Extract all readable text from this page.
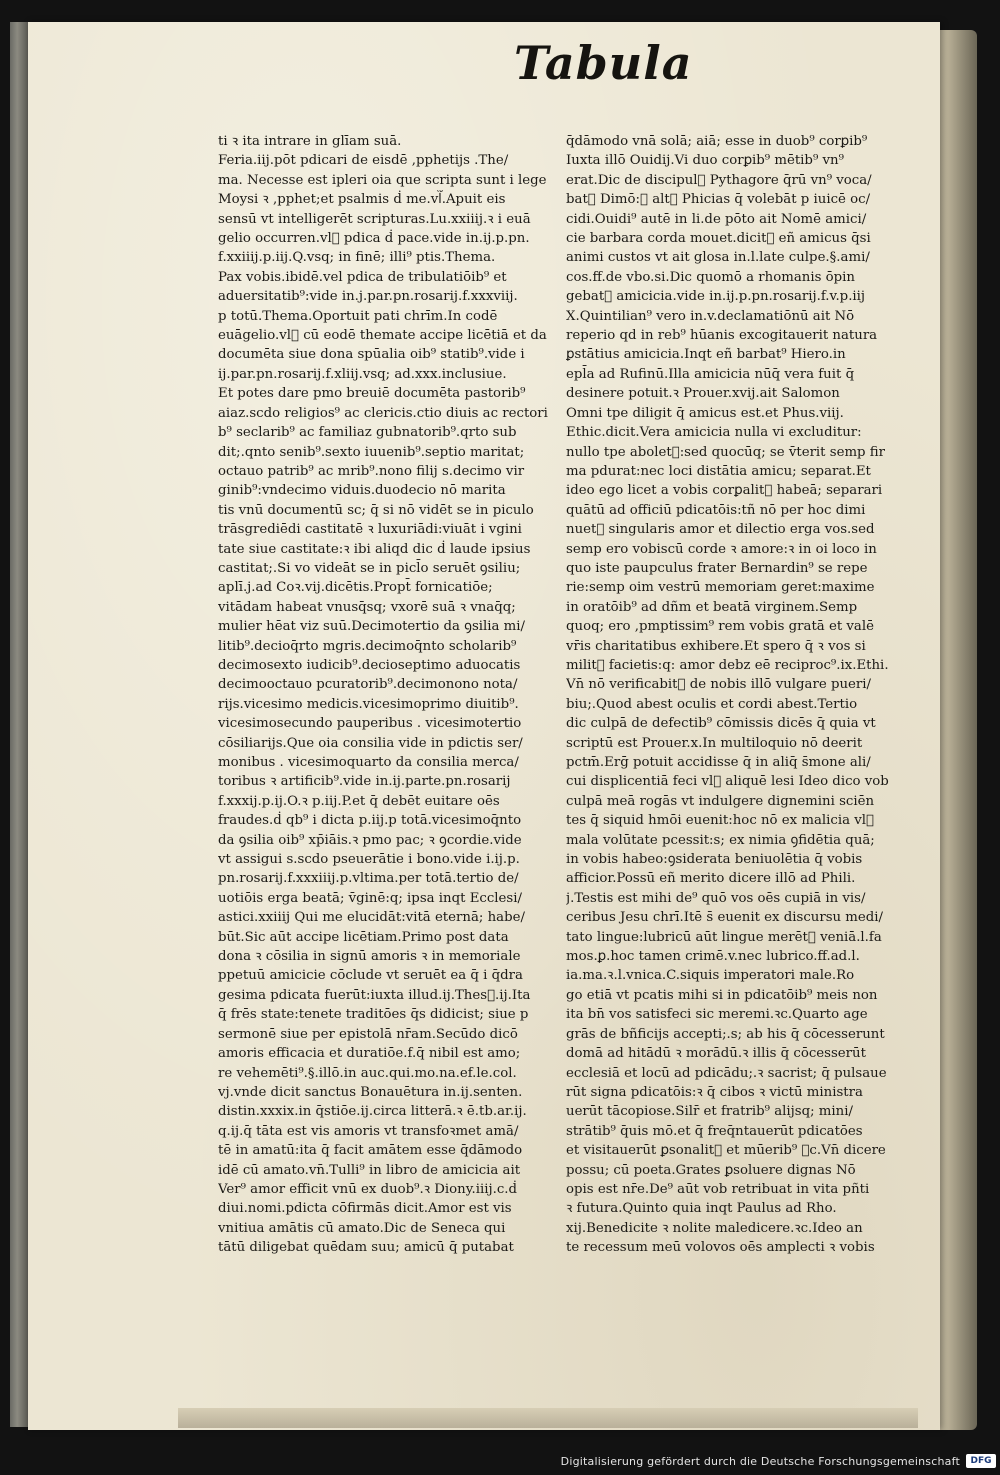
Tabula
ti ꝛ ita intrare in glīam suā.
Feria.iij.pōt pdicari de eisdē ,pphetijs .The/
ma. Necesse est ipleri oia que scripta sunt i lege
Moysi ꝛ ,pphet;et psalmis ḋ me.vl᷑.Apuit eis
sensū vt intelligerēt scripturas.Lu.xxiiij.ꝛ i euā
gelio occurren.vl᷑ pdica ḋ pace.vide in.ij.p.pn.
f.xxiiij.p.iij.Q.vsq; in finē; illi⁹ ptis.Thema.
Pax vobis.ibidē.vel pdica de tribulatiōib⁹ et
aduersitatib⁹:vide in.j.par.pn.rosarij.f.xxxviij.
p totū.Thema.Oportuit pati chrīm.In codē
euāgelio.vl᷑ cū eodē themate accipe licētiā et da
documēta siue dona spūalia oib⁹ statib⁹.vide i
ij.par.pn.rosarij.f.xliij.vsq; ad.xxx.inclusiue.
Et potes dare pmo breuiē documēta pastorib⁹
aiaz.scdo religios⁹ ac clericis.ctio diuis ac rectori
b⁹ seclarib⁹ ac familiaz gubnatorib⁹.qrto sub
dit;.qnto senib⁹.sexto iuuenib⁹.septio maritat;
octauo patrib⁹ ac mrib⁹.nono filij s.decimo vir
ginib⁹:vndecimo viduis.duodecio nō marita
tis vnū documentū sc; q̄ si nō vidēt se in piculo
trāsgrediēdi castitatē ꝛ luxuriādi:viuāt i vgini
tate siue castitate:ꝛ ibi aliqd dic ḋ laude ipsius
castitat;.Si vo videāt se in picl̄o seruēt ꝯsiliu;
aplī.j.ad Coꝛ.vij.dicētis.Propt̄ fornicatiōe;
vitādam habeat vnusq̄sq; vxorē suā ꝛ vnaq̄q;
mulier hēat viz suū.Decimotertio da ꝯsilia mi/
litib⁹.decioq̄rto mgris.decimoq̄nto scholarib⁹
decimosexto iudicib⁹.decioseptimo aduocatis
decimooctauo pcuratorib⁹.decimonono nota/
rijs.vicesimo medicis.vicesimoprimo diuitib⁹.
vicesimosecundo pauperibus . vicesimotertio
cōsiliarijs.Que oia consilia vide in pdictis ser/
monibus . vicesimoquarto da consilia merca/
toribus ꝛ artificib⁹.vide in.ij.parte.pn.rosarij
f.xxxij.p.ij.O.ꝛ p.iij.P.et q̄ debēt euitare oēs
fraudes.ḋ qb⁹ i dicta p.iij.p totā.vicesimoq̄nto
da ꝯsilia oib⁹ xp̄iāis.ꝛ pmo pac; ꝛ ꝯcordie.vide
vt assigui s.scdo pseuerātie i bono.vide i.ij.p.
pn.rosarij.f.xxxiiij.p.vltima.per totā.tertio de/
uotiōis erga beatā; v̄ginē:q; ipsa inqt Ecclesi/
astici.xxiiij Qui me elucidāt:vitā eternā; habe/
būt.Sic aūt accipe licētiam.Primo post data
dona ꝛ cōsilia in signū amoris ꝛ in memoriale
ppetuū amicicie cōclude vt seruēt ea q̄ i q̄dra
gesima pdicata fuerūt:iuxta illud.ij.Thes᷑.ij.Ita
q̄ frēs state:tenete traditōes q̄s didicist; siue p
sermonē siue per epistolā nr̄am.Secūdo dicō
amoris efficacia et duratiōe.f.q̄ nibil est amo;
re vehemēti⁹.§.illō.in auc.qui.mo.na.ef.le.col.
vj.vnde dicit sanctus Bonauētura in.ij.senten.
distin.xxxix.in q̄stiōe.ij.circa litterā.ꝛ ē.tb.ar.ij.
q.ij.q̄ tāta est vis amoris vt transfoꝛmet amā/
tē in amatū:ita q̄ facit amātem esse q̄dāmodo
idē cū amato.vn̄.Tulli⁹ in libro de amicicia ait
Ver⁹ amor efficit vnū ex duob⁹.ꝛ Diony.iiij.c.ḋ
diui.nomi.pdicta cōfirmās dicit.Amor est vis
vnitiua amātis cū amato.Dic de Seneca qui
tātū diligebat quēdam suu; amicū q̄ putabat
q̄dāmodo vnā solā; aiā; esse in duob⁹ corꝑib⁹
Iuxta illō Ouidij.Vi duo corꝑib⁹ mētib⁹ vn⁹
erat.Dic de discipul᷑ Pythagore q̄rū vn⁹ voca/
bat᷑ Dimō:ꝛ alt᷑ Phicias q̄ volebāt p iuicē oc/
cidi.Ouidi⁹ autē in li.de pōto ait Nomē amici/
cie barbara corda mouet.dicit᷑ eñ amicus q̄si
animi custos vt ait glosa in.l.late culpe.§.ami/
cos.ff.de vbo.si.Dic quomō a rhomanis ōpin
gebat᷑ amicicia.vide in.ij.p.pn.rosarij.f.v.p.iij
X.Quintilian⁹ vero in.v.declamatiōnū ait Nō
reperio qd in reb⁹ hūanis excogitauerit natura
ꝑstātius amicicia.Inqt eñ barbat⁹ Hiero.in
epl̄a ad Rufinū.Illa amicicia nūq̄ vera fuit q̄
desinere potuit.ꝛ Prouer.xvij.ait Salomon
Omni tpe diligit q̄ amicus est.et Phus.viij.
Ethic.dicit.Vera amicicia nulla vi excluditur:
nullo tpe abolet᷑:sed quocūq; se v̄terit semp fir
ma pdurat:nec loci distātia amicu; separat.Et
ideo ego licet a vobis corꝑalit᷑ habeā; separari
quātū ad officiū pdicatōis:tñ nō per hoc dimi
nuet᷑ singularis amor et dilectio erga vos.sed
semp ero vobiscū corde ꝛ amore:ꝛ in oi loco in
quo iste paupculus frater Bernardin⁹ se repe
rie:semp oim vestrū memoriam geret:maxime
in oratōib⁹ ad dñm et beatā virginem.Semp
quoq; ero ,pmptissim⁹ rem vobis gratā et valē
vr̄is charitatibus exhibere.Et spero q̄ ꝛ vos si
milit᷑ facietis:q: amor debz eē reciproc⁹.ix.Ethi.
Vn̄ nō verificabit᷑ de nobis illō vulgare pueri/
biu;.Quod abest oculis et cordi abest.Tertio
dic culpā de defectib⁹ cōmissis dicēs q̄ quia vt
scriptū est Prouer.x.In multiloquio nō deerit
pctm̄.Erḡ potuit accidisse q̄ in aliq̄ s̄mone ali/
cui displicentiā feci vl᷑ aliquē lesi Ideo dico vob
culpā meā rogās vt indulgere dignemini sciēn
tes q̄ siquid hmōi euenit:hoc nō ex malicia vl᷑
mala volūtate pcessit:s; ex nimia ꝯfidētia quā;
in vobis habeo:ꝯsiderata beniuolētia q̄ vobis
afficior.Possū eñ merito dicere illō ad Phili.
j.Testis est mihi de⁹ quō vos oēs cupiā in vis/
ceribus Jesu chrī.Itē s̄ euenit ex discursu medi/
tato lingue:lubricū aūt lingue merēt᷑ veniā.l.fa
mos.ꝑ.hoc tamen crimē.v.nec lubrico.ff.ad.l.
ia.ma.ꝛ.l.vnica.C.siquis imperatori male.Ro
go etiā vt pcatis mihi si in pdicatōib⁹ meis non
ita bn̄ vos satisfeci sic meremi.ꝛc.Quarto age
grās de bñficijs accepti;.s; ab his q̄ cōcesserunt
domā ad hitādū ꝛ morādū.ꝛ illis q̄ cōcesserūt
ecclesiā et locū ad pdicādu;.ꝛ sacrist; q̄ pulsaue
rūt signa pdicatōis:ꝛ q̄ cibos ꝛ victū ministra
uerūt tācopiose.Silr̄ et fratrib⁹ alijsq; mini/
strātib⁹ q̄uis mō.et q̄ freq̄ntauerūt pdicatōes
et visitauerūt ꝑsonalit᷑ et mūerib⁹ ꝛc.Vn̄ dicere
possu; cū poeta.Grates ꝑsoluere dignas Nō
opis est nr̄e.De⁹ aūt vob retribuat in vita pñti
ꝛ futura.Quinto quia inqt Paulus ad Rho.
xij.Benedicite ꝛ nolite maledicere.ꝛc.Ideo an
te recessum meū volovos oēs amplecti ꝛ vobis
Digitalisierung gefördert durch die Deutsche Forschungsgemeinschaft	DFG
